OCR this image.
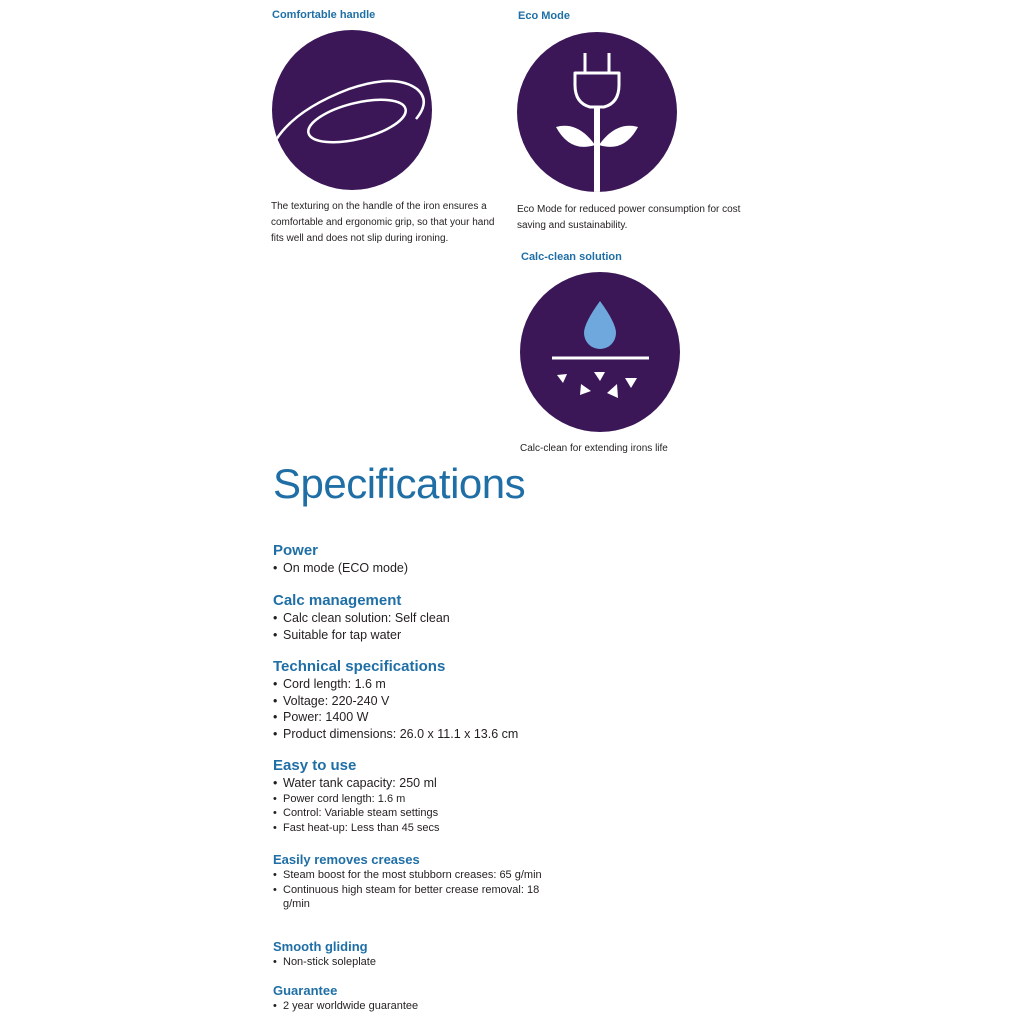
Comfortable handle

The texturing on the handle of the iron ensures a comfortable and ergonomic grip, so that your hand fits well and does not slip during ironing.

Eco Mode

Eco Mode for reduced power consumption for cost saving and sustainability.

Calc-clean solution

Calc-clean for extending irons life

Specifications
Power
• On mode (ECO mode)
Calc management
• Calc clean solution: Self clean
• Suitable for tap water
Technical specifications
• Cord length: 1.6 m
• Voltage: 220-240 V
• Power: 1400 W
• Product dimensions: 26.0 x 11.1 x 13.6 cm
Easy to use
• Water tank capacity: 250 ml
• Power cord length: 1.6 m
• Control: Variable steam settings
• Fast heat-up: Less than 45 secs
Easily removes creases
• Steam boost for the most stubborn creases: 65 g/min
• Continuous high steam for better crease removal: 18 g/min
Smooth gliding
• Non-stick soleplate
Guarantee
• 2 year worldwide guarantee
